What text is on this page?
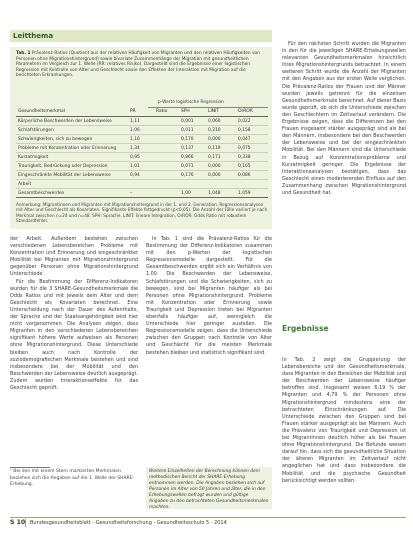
Leitthema
Tab. 1 Prävalenz-Ratios (Quotient aus der relativen Häufigkeit von Migranten und den relativen Häufigkeiten von Personen ohne Migrationshintergrund) sowie bivariate Zusammenhänge der Migration mit gesundheitlichen Parametern im Vergleich zur 1. Welle (RR: relatives Risiko). Dargestellt sind die Ergebnisse einer logistischen Regression mit Kontrolle von Alter und Geschlecht sowie den Effekten der Interaktion mit Migration auf die berichteten Erkrankungen.
p-Werte logistische Regression
Gesundheitsmerkmal	PR	Ratio	SPH	LINIT	OrROR
Körperliche Beschwerden der Lebensweise	1,11	0,001	0,060	0,022
Schlafstörungen	1,06	0,011	0,210	0,158
Schwierigkeiten, sich zu bewegen	1,16	0,170	0,000	0,047
Probleme mit Konzentration oder Erinnerung	1,34	0,137	0,119	0,075
Kurzatmigkeit	0,95	0,866	0,171	0,338
Traurigkeit, Bedrückung oder Depression	1,01	0,071	0,000	0,165
Eingeschränkte Mobilität der Lebensweise	0,94	0,176	0,000	0,086
Arbeit
Gesamtbeschwerden	–	1,00	1,048	1,059
Anmerkung: Migrantinnen und Migranten mit Migrationshintergrund in der 1. und 2. Generation. Regressionsanalysen mit Alter und Geschlecht als Kovariaten. Signifikante Effekte fettgedruckt (p<0,05). Die Anzahl der Fälle variiert je nach Merkmal zwischen n=24 und n=48. SPH: Sprache, LINIT: lineare Integration, OrROR: Odds Ratio mit robustem Standardfehler.

der Arbeit. Außerdem bestehen zwischen verschiedenen Lebensbereichen Probleme mit Konzentration und Erinnerung und eingeschränkter Mobilität bei Migranten mit Migrationshintergrund gegenüber Personen ohne Migrationshintergrund Unterschiede.

Für die Bestimmung der Differenz-Indikatoren wurden für die 3 SHARE-Gesundheitsmerkmale die Odds Ratios und mit jeweils dem Alter und dem Geschlecht als Kovariaten berechnet. Eine Unterscheidung nach der Dauer des Aufenthalts, der Sprache und der Staatsangehörigkeit wird hier nicht vorgenommen. Die Analysen zeigen, dass Migranten in den verschiedenen Lebensbereichen signifikant höhere Werte aufweisen als Personen ohne Migrationshintergrund. Diese Unterschiede bleiben auch nach Kontrolle der soziodemografischen Merkmale bestehen und sind insbesondere bei der Mobilität und den Beschwerden der Lebensweise deutlich ausgeprägt. Zudem wurden Interaktionseffekte für das Geschlecht geprüft.

In Tab. 1 sind die Prävalenz-Ratios für die Bestimmung der Differenz-Indikatoren zusammen mit den p-Werten der logistischen Regressionsmodelle dargestellt. Für die Gesamtbeschwerden ergibt sich ein Verhältnis von 1,00. Die Beschwerden der Lebensweise, Schlafstörungen und die Schwierigkeiten, sich zu bewegen, sind bei Migranten häufiger als bei Personen ohne Migrationshintergrund. Probleme mit Konzentration oder Erinnerung sowie Traurigkeit und Depression treten bei Migranten ebenfalls häufiger auf, wenngleich die Unterschiede hier geringer ausfallen. Die Regressionsmodelle zeigen, dass die Unterschiede zwischen den Gruppen nach Kontrolle von Alter und Geschlecht für die meisten Merkmale bestehen bleiben und statistisch signifikant sind.

Für den nächsten Schritt wurden die Migranten in den für die jeweiligen SHARE-Erhebungswellen relevanten Gesundheitsmerkmalen hinsichtlich ihres Migrationshintergrunds betrachtet. In einem weiteren Schritt wurde die Anzahl der Migranten mit den Angaben aus der ersten Welle verglichen. Die Prävalenz-Ratios der Frauen und der Männer wurden jeweils getrennt für die einzelnen Gesundheitsmerkmale berechnet. Auf dieser Basis wurde geprüft, ob sich die Unterschiede zwischen den Geschlechtern im Zeitverlauf verändern. Die Ergebnisse zeigen, dass die Differenzen bei den Frauen insgesamt stärker ausgeprägt sind als bei den Männern, insbesondere bei den Beschwerden der Lebensweise und bei der eingeschränkten Mobilität. Bei den Männern sind die Unterschiede in Bezug auf Konzentrationsprobleme und Kurzatmigkeit geringer. Die Ergebnisse der Interaktionsanalysen bestätigen, dass das Geschlecht einen moderierenden Einfluss auf den Zusammenhang zwischen Migrationshintergrund und Gesundheit hat.

Ergebnisse

In Tab. 2 zeigt die Gruppierung der Lebensbereiche und der Gesundheitsmerkmale, dass Migranten in den Bereichen der Mobilität und der Beschwerden der Lebensweise häufiger betroffen sind. Insgesamt weisen 6,19 % der Migranten und 4,79 % der Personen ohne Migrationshintergrund mindestens eine der betrachteten Einschränkungen auf. Die Unterschiede zwischen den Gruppen sind bei Frauen stärker ausgeprägt als bei Männern. Auch die Prävalenz von Traurigkeit und Depression ist bei Migrantinnen deutlich höher als bei Frauen ohne Migrationshintergrund. Die Befunde weisen darauf hin, dass sich die gesundheitliche Situation der älteren Migranten im Zeitverlauf nicht angeglichen hat und dass insbesondere die Mobilität und die psychische Gesundheit berücksichtigt werden sollten.

¹ Bei den mit einem Stern markierten Merkmalen beziehen sich die Angaben auf die 1. Welle der SHARE-Erhebung.
Weitere Einzelheiten der Berechnung können dem methodischen Bericht der SHARE-Erhebung entnommen werden. Die Angaben beziehen sich auf Personen im Alter von 50 Jahren und älter, die in den Erhebungswellen befragt wurden und gültige Angaben zu den betrachteten Gesundheitsmerkmalen machten.
S 10 Bundesgesundheitsblatt - Gesundheitsforschung - Gesundheitsschutz 5 · 2014
